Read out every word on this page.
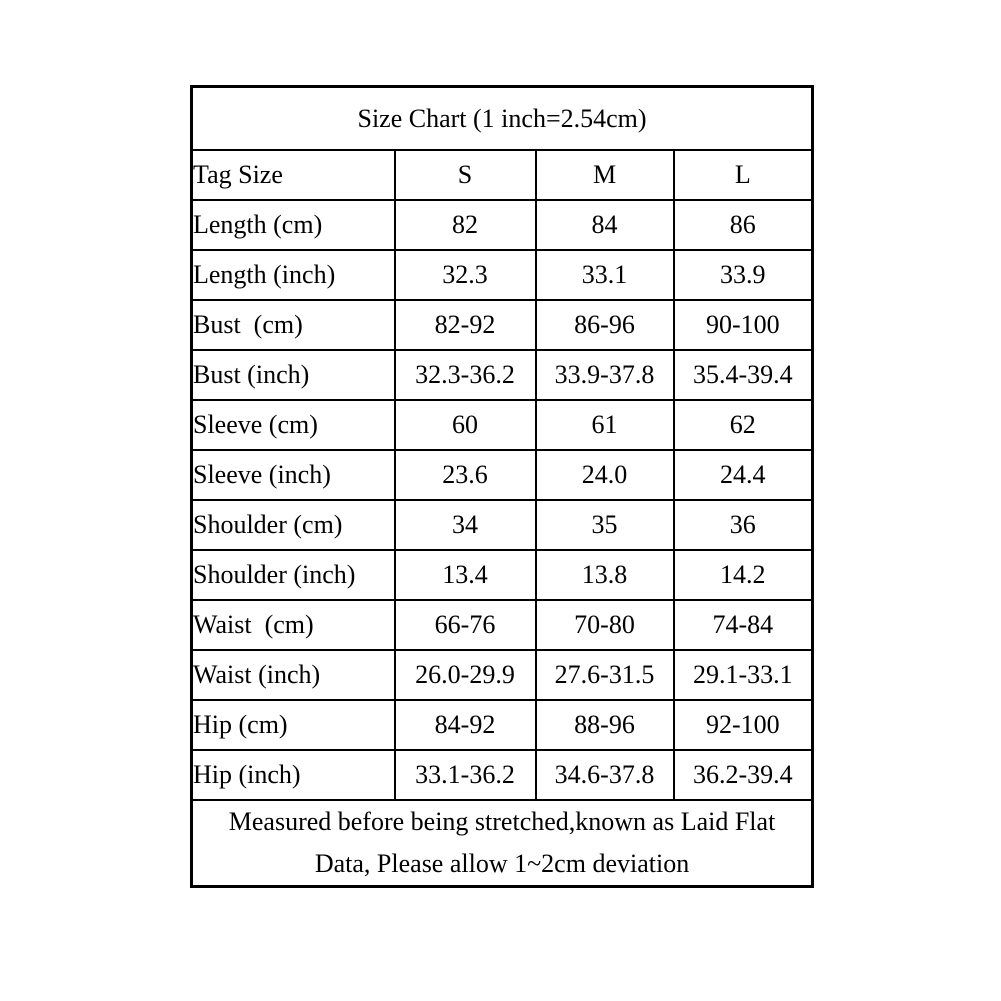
Size Chart (1 inch=2.54cm)			
Tag Size	S	M	L
Length (cm)	82	84	86
Length (inch)	32.3	33.1	33.9
Bust  (cm)	82-92	86-96	90-100
Bust (inch)	32.3-36.2	33.9-37.8	35.4-39.4
Sleeve (cm)	60	61	62
Sleeve (inch)	23.6	24.0	24.4
Shoulder (cm)	34	35	36
Shoulder (inch)	13.4	13.8	14.2
Waist  (cm)	66-76	70-80	74-84
Waist (inch)	26.0-29.9	27.6-31.5	29.1-33.1
Hip (cm)	84-92	88-96	92-100
Hip (inch)	33.1-36.2	34.6-37.8	36.2-39.4

Measured before being stretched,known as Laid Flat
Data, Please allow 1~2cm deviation			
